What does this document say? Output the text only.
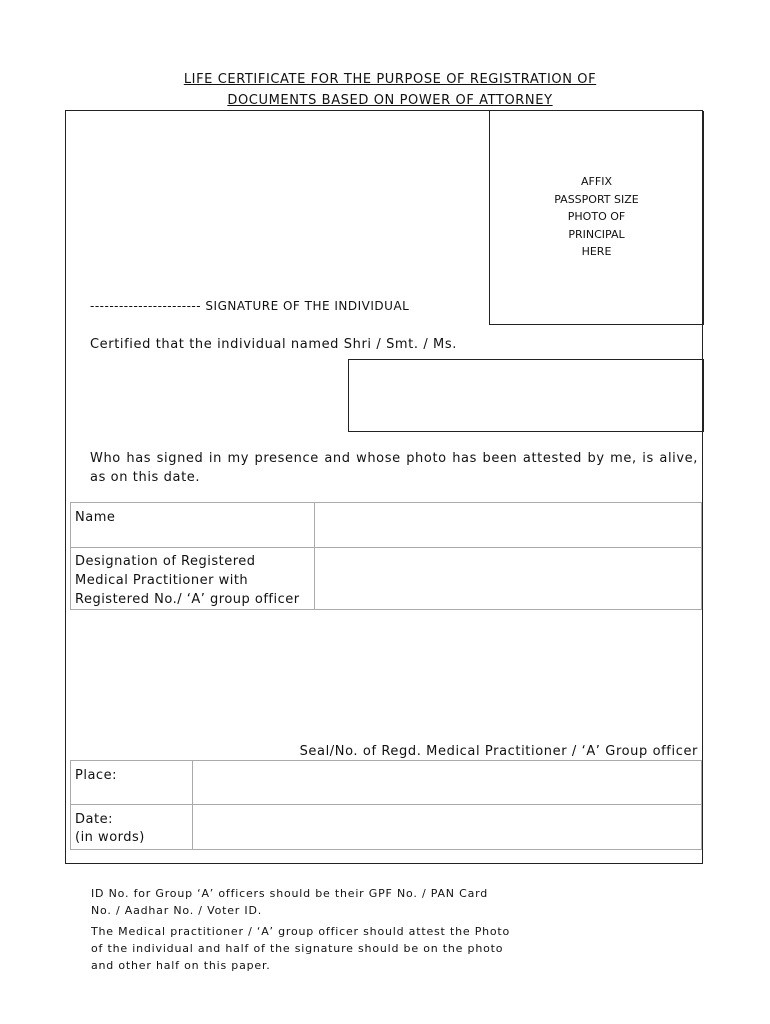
LIFE CERTIFICATE FOR THE PURPOSE OF REGISTRATION OF
DOCUMENTS BASED ON POWER OF ATTORNEY
AFFIX
PASSPORT SIZE
PHOTO OF
PRINCIPAL
HERE
----------------------- SIGNATURE OF THE INDIVIDUAL
Certified that the individual named Shri / Smt. / Ms.
Who has signed in my presence and whose photo has been attested by me, is alive, as on this date.
Name
Designation of Registered Medical Practitioner with Registered No./ ‘A’ group officer
Seal/No. of Regd. Medical Practitioner / ‘A’ Group officer
Place:
Date:
(in words)
ID No. for Group ‘A’ officers should be their GPF No. / PAN Card No. / Aadhar No. / Voter ID.
The Medical practitioner / ‘A’ group officer should attest the Photo of the individual and half of the signature should be on the photo and other half on this paper.
